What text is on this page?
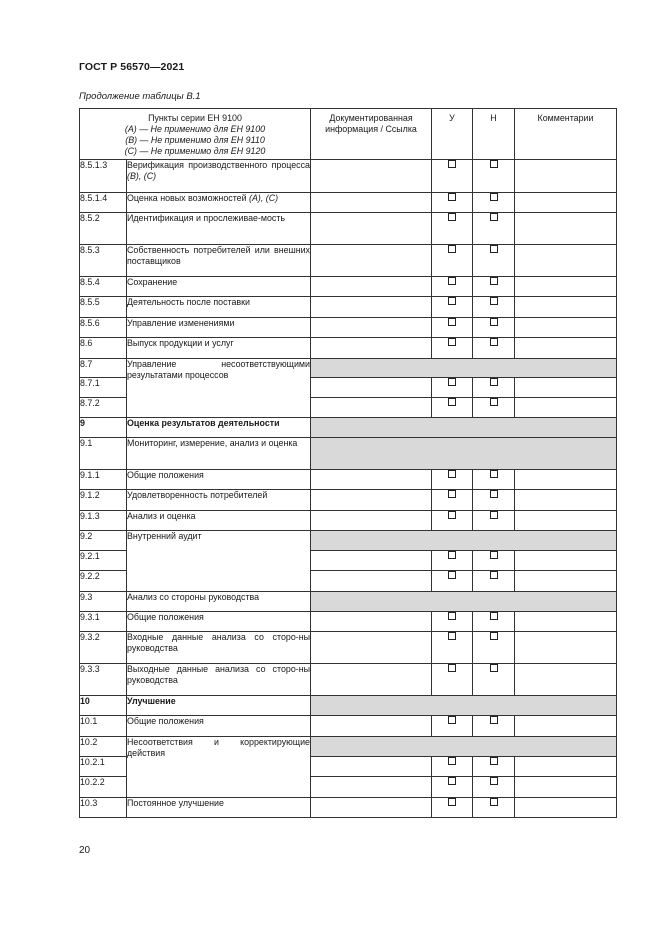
ГОСТ Р 56570—2021
Продолжение таблицы В.1
Пункты серии ЕН 9100
(A) — Не применимо для ЕН 9100
(B) — Не применимо для ЕН 9110
(C) — Не применимо для ЕН 9120		Документированная информация / Ссылка	У	Н	Комментарии
8.5.1.3	Верификация производственного процесса (B), (C)				
8.5.1.4	Оценка новых возможностей (A), (C)				
8.5.2	Идентификация и прослеживае-мость				
8.5.3	Собственность потребителей или внешних поставщиков				
8.5.4	Сохранение				
8.5.5	Деятельность после поставки				
8.5.6	Управление изменениями				
8.6	Выпуск продукции и услуг				
8.7	Управление несоответствующими результатами процессов				
8.7.1					
8.7.2					
9	Оценка результатов деятельности				
9.1	Мониторинг, измерение, анализ и оценка				
9.1.1	Общие положения				
9.1.2	Удовлетворенность потребителей				
9.1.3	Анализ и оценка				
9.2	Внутренний аудит				
9.2.1					
9.2.2					
9.3	Анализ со стороны руководства				
9.3.1	Общие положения				
9.3.2	Входные данные анализа со сторо-ны руководства				
9.3.3	Выходные данные анализа со сторо-ны руководства				
10	Улучшение				
10.1	Общие положения				
10.2	Несоответствия и корректирующие действия				
10.2.1					
10.2.2					
10.3	Постоянное улучшение				
20
